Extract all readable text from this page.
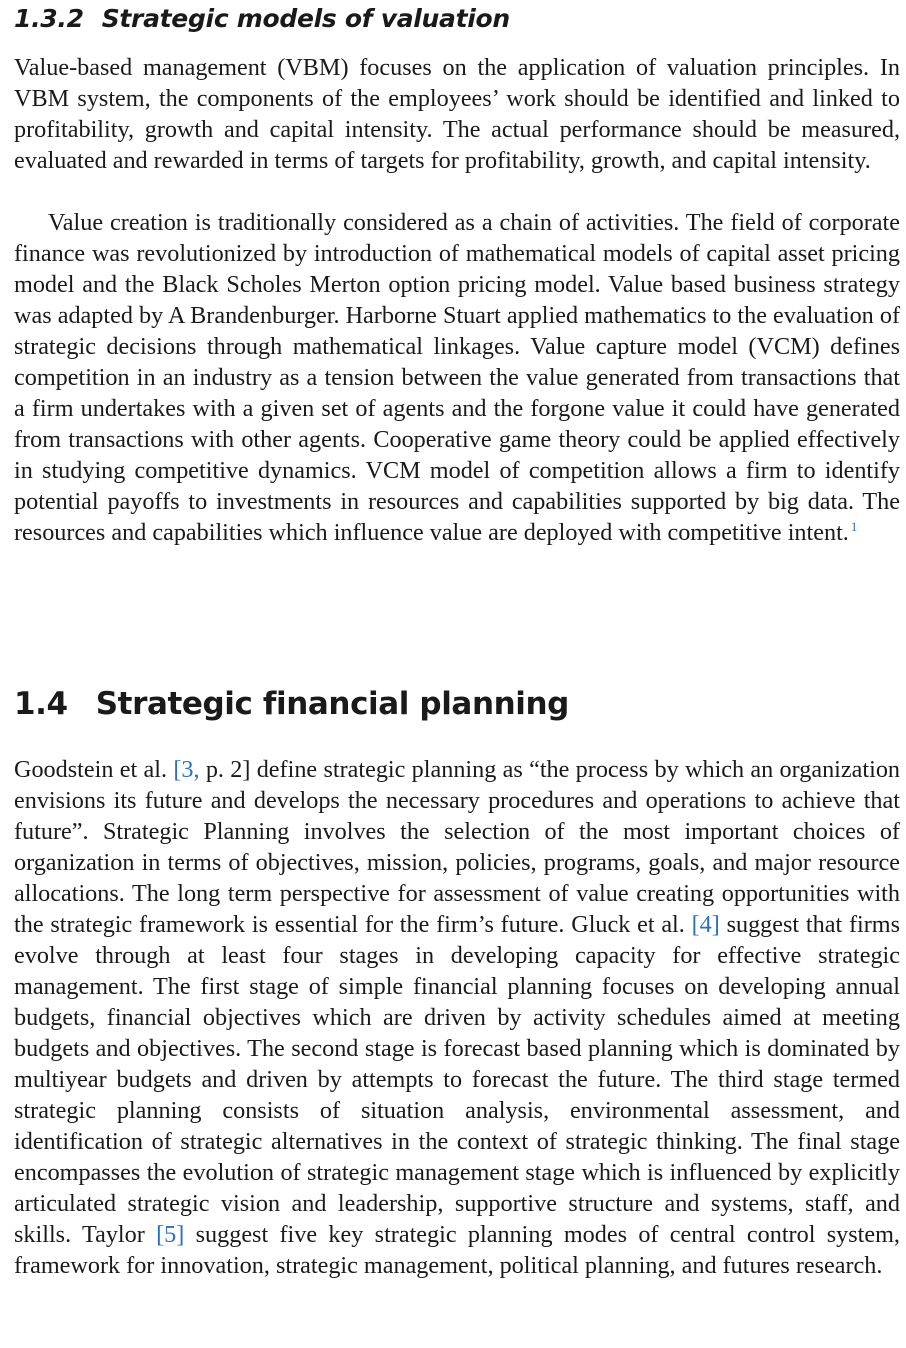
1.3.2 Strategic models of valuation

Value-based management (VBM) focuses on the application of valuation principles. In VBM system, the components of the employees’ work should be identified and linked to profitability, growth and capital intensity. The actual performance should be measured, evaluated and rewarded in terms of targets for profitability, growth, and capital intensity.

Value creation is traditionally considered as a chain of activities. The field of corporate finance was revolutionized by introduction of mathematical models of capital asset pricing model and the Black Scholes Merton option pricing model. Value based business strategy was adapted by A Brandenburger. Harborne Stuart applied mathematics to the evaluation of strategic decisions through mathematical linkages. Value capture model (VCM) defines competition in an industry as a tension between the value generated from transactions that a firm undertakes with a given set of agents and the forgone value it could have generated from transactions with other agents. Cooperative game theory could be applied effectively in studying competitive dynamics. VCM model of competition allows a firm to identify potential payoffs to investments in resources and capabilities supported by big data. The resources and capabilities which influence value are deployed with competitive intent. $^1$

1.4 Strategic financial planning

Goodstein et al. [3, p. 2] define strategic planning as “the process by which an organization envisions its future and develops the necessary procedures and operations to achieve that future”. Strategic Planning involves the selection of the most important choices of organization in terms of objectives, mission, policies, programs, goals, and major resource allocations. The long term perspective for assessment of value creating opportunities with the strategic framework is essential for the firm’s future. Gluck et al. [4] suggest that firms evolve through at least four stages in developing capacity for effective strategic management. The first stage of simple financial planning focuses on developing annual budgets, financial objectives which are driven by activity schedules aimed at meeting budgets and objectives. The second stage is forecast based planning which is dominated by multiyear budgets and driven by attempts to forecast the future. The third stage termed strategic planning consists of situation analysis, environmental assessment, and identification of strategic alternatives in the context of strategic thinking. The final stage encompasses the evolution of strategic management stage which is influenced by explicitly articulated strategic vision and leadership, supportive structure and systems, staff, and skills. Taylor [5] suggest five key strategic planning modes of central control system, framework for innovation, strategic management, political planning, and futures research.
